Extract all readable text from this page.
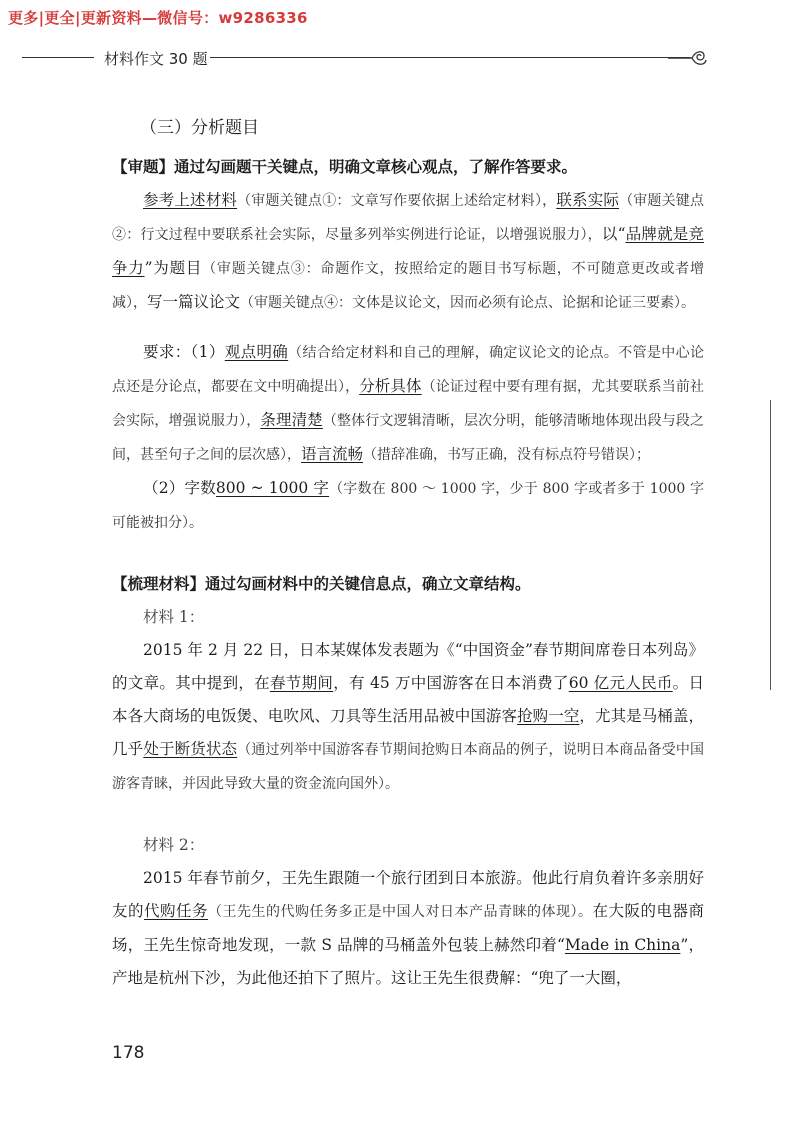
更多|更全|更新资料—微信号：w9286336
材料作文 30 题

（三）分析题目

【审题】通过勾画题干关键点，明确文章核心观点，了解作答要求。

参考上述材料（审题关键点①：文章写作要依据上述给定材料），联系实际（审题关键点②：行文过程中要联系社会实际，尽量多列举实例进行论证，以增强说服力），以“品牌就是竞争力”为题目（审题关键点③：命题作文，按照给定的题目书写标题，不可随意更改或者增减），写一篇议论文（审题关键点④：文体是议论文，因而必须有论点、论据和论证三要素）。

要求：（1）观点明确（结合给定材料和自己的理解，确定议论文的论点。不管是中心论点还是分论点，都要在文中明确提出），分析具体（论证过程中要有理有据，尤其要联系当前社会实际，增强说服力），条理清楚（整体行文逻辑清晰，层次分明，能够清晰地体现出段与段之间，甚至句子之间的层次感），语言流畅（措辞准确，书写正确，没有标点符号错误）；

（2）字数800 ~ 1000 字（字数在 800 ～ 1000 字，少于 800 字或者多于 1000 字可能被扣分）。

【梳理材料】通过勾画材料中的关键信息点，确立文章结构。

材料 1：

2015 年 2 月 22 日，日本某媒体发表题为《“中国资金”春节期间席卷日本列岛》的文章。其中提到，在春节期间，有 45 万中国游客在日本消费了60 亿元人民币。日本各大商场的电饭煲、电吹风、刀具等生活用品被中国游客抢购一空，尤其是马桶盖，几乎处于断货状态（通过列举中国游客春节期间抢购日本商品的例子，说明日本商品备受中国游客青睐，并因此导致大量的资金流向国外）。

材料 2：

2015 年春节前夕，王先生跟随一个旅行团到日本旅游。他此行肩负着许多亲朋好友的代购任务（王先生的代购任务多正是中国人对日本产品青睐的体现）。在大阪的电器商场，王先生惊奇地发现，一款 S 品牌的马桶盖外包装上赫然印着“Made in China”，产地是杭州下沙，为此他还拍下了照片。这让王先生很费解：“兜了一大圈，

178
